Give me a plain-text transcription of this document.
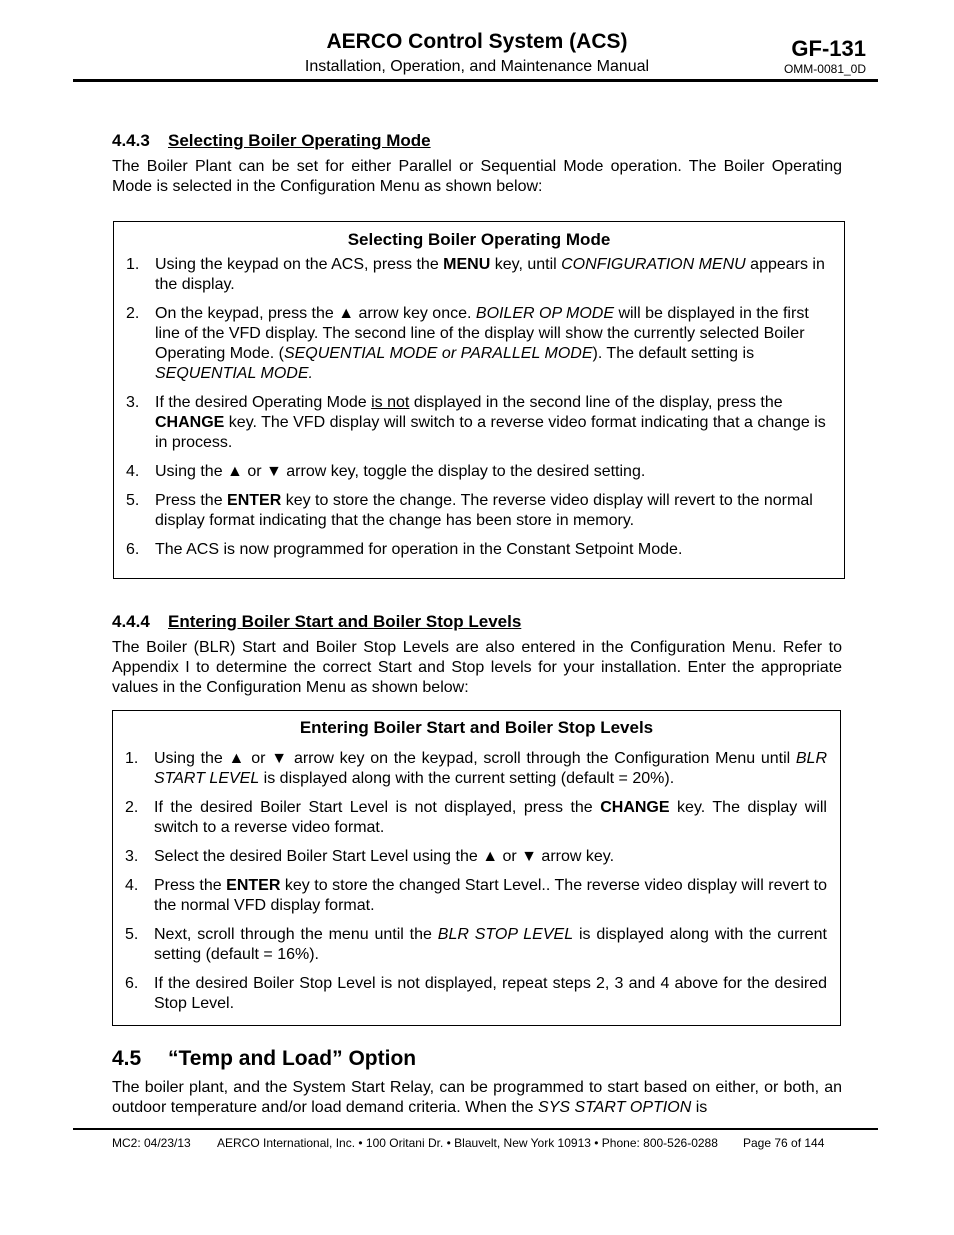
AERCO Control System (ACS)
Installation, Operation, and Maintenance Manual
GF-131
OMM-0081_0D
4.4.3 Selecting Boiler Operating Mode
The Boiler Plant can be set for either Parallel or Sequential Mode operation. The Boiler Operating Mode is selected in the Configuration Menu as shown below:
Selecting Boiler Operating Mode
1. Using the keypad on the ACS, press the MENU key, until CONFIGURATION MENU appears in the display.
2. On the keypad, press the ▲ arrow key once. BOILER OP MODE will be displayed in the first line of the VFD display. The second line of the display will show the currently selected Boiler Operating Mode. (SEQUENTIAL MODE or PARALLEL MODE). The default setting is SEQUENTIAL MODE.
3. If the desired Operating Mode is not displayed in the second line of the display, press the CHANGE key. The VFD display will switch to a reverse video format indicating that a change is in process.
4. Using the ▲ or ▼ arrow key, toggle the display to the desired setting.
5. Press the ENTER key to store the change. The reverse video display will revert to the normal display format indicating that the change has been store in memory.
6. The ACS is now programmed for operation in the Constant Setpoint Mode.
4.4.4 Entering Boiler Start and Boiler Stop Levels
The Boiler (BLR) Start and Boiler Stop Levels are also entered in the Configuration Menu. Refer to Appendix I to determine the correct Start and Stop levels for your installation. Enter the appropriate values in the Configuration Menu as shown below:
Entering Boiler Start and Boiler Stop Levels
1. Using the ▲ or ▼ arrow key on the keypad, scroll through the Configuration Menu until BLR START LEVEL is displayed along with the current setting (default = 20%).
2. If the desired Boiler Start Level is not displayed, press the CHANGE key. The display will switch to a reverse video format.
3. Select the desired Boiler Start Level using the ▲ or ▼ arrow key.
4. Press the ENTER key to store the changed Start Level.. The reverse video display will revert to the normal VFD display format.
5. Next, scroll through the menu until the BLR STOP LEVEL is displayed along with the current setting (default = 16%).
6. If the desired Boiler Stop Level is not displayed, repeat steps 2, 3 and 4 above for the desired Stop Level.
4.5 “Temp and Load” Option
The boiler plant, and the System Start Relay, can be programmed to start based on either, or both, an outdoor temperature and/or load demand criteria. When the SYS START OPTION is
MC2: 04/23/13 AERCO International, Inc. • 100 Oritani Dr. • Blauvelt, New York 10913 • Phone: 800-526-0288 Page 76 of 144
